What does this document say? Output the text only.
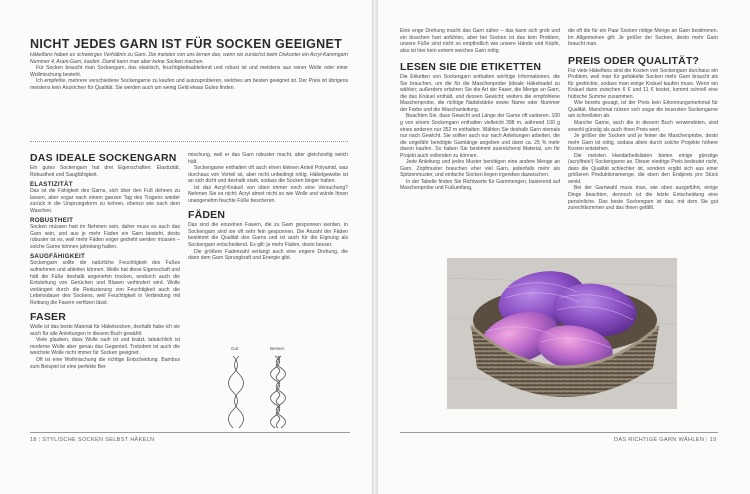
NICHT JEDES GARN IST FÜR SOCKEN GEEIGNET
Häkelfans haben es schwierges Verhältnis zu Garn. Die meisten von uns lernen das, wenn sie zunächst beim Diskonter ein Acryl-Kammgarn Nummer 4, Arani-Garn, kaufen. Damit kann man aber keine Socken machen.
Für Socken braucht man Sockengarn, das elastisch, feuchtigkeitsableitend und robust ist und meistens aus reiner Wolle oder einer Wollmischung besteht.
Ich empfehle, mehrere verschiedene Sockengarne zu kaufen und auszuprobieren, welches am besten geeignet ist. Der Preis ist übrigens meistens kein Anzeichen für Qualität. Sie werden auch um wenig Geld etwas Gutes finden.
DAS IDEALE SOCKENGARN
Ein gutes Sockengarn hat drei Eigenschaften: Elastizität, Robustheit und Saugfähigkeit.
ELASTIZITÄT
Das ist die Fähigkeit des Garns, sich über den Fuß dehnen zu lassen, aber sogar nach einem ganzen Tag des Tragens wieder zurück in die Ursprungsform zu kehren, ebenso wie nach dem Waschen.
ROBUSTHEIT
Socken müssen hart im Nehmen sein, daher muss es auch das Garn sein, und aus je mehr Fäden ein Garn besteht, desto robuster ist es, weil mehr Fäden enger gedreht werden müssen – solche Garne können jahrelang halten.
SAUGFÄHIGKEIT
Sockengarn sollte die natürliche Feuchtigkeit des Fußes aufnehmen und ableiten können. Wolle hat diese Eigenschaft und hält die Füße deshalb angenehm trocken, wodurch auch die Entstehung von Gerüchen und Blasen verhindert wird. Wolle verlängert durch die Reduzierung von Feuchtigkeit auch die Lebensdauer des Sockens, weil Feuchtigkeit in Verbindung mit Reibung die Fasern verfilzen lässt.
FASER
Wolle ist das beste Material für Häkelsocken, deshalb habe ich sie auch für alle Anleitungen in diesem Buch gewählt.
Viele glauben, dass Wolle rauh ist und kratzt, tatsächlich ist moderne Wolle aber genau das Gegenteil. Trotzdem ist auch die weichste Wolle nicht immer für Socken geeignet.
Oft ist eine Wollmischung die richtige Entscheidung. Bambus zum Beispiel ist eine perfekte Bei-
mischung, weil er das Garn robuster macht, aber gleichzeitig weich hält.
Sockengarne enthalten oft auch einen kleinen Anteil Polyamid, was durchaus von Vorteil ist, aber nicht unbedingt nötig. Häkelgewebe ist an sich dicht und deshalb stark, sodass die Socken länger halten.
Ist das Acryl-Knäuel von oben immer noch eine Versuchung? Nehmen Sie es nicht; Acryl atmet nicht so wie Wolle und würde Ihnen unangenehm feuchte Füße bescheren.
FÄDEN
Das sind die einzelnen Fasern, die zu Garn gesponnen werden, in Sockengarn sind sie oft sehr fein gesponnen. Die Anzahl der Fäden bestimmt die Qualität des Garns und ist auch für die Eignung als Sockengarn entscheidend. Es gilt: je mehr Fäden, desto besser.
Die größere Fadenzahl verlangt auch eine engere Drehung, die dann dem Garn Sprungkraft und Energie gibt.
Gut	Besser
18 | STYLISCHE SOCKEN SELBST HÄKELN
Eine enge Drehung macht das Garn zäher – das kann sich grob und ein bisschen hart anfühlen, aber bei Socken ist das kein Problem, unsere Füße sind nicht so empfindlich wie unsere Hände und Köpfe, also ist hier kein extrem weiches Garn nötig.
LESEN SIE DIE ETIKETTEN
Die Etiketten von Sockengarn enthalten wichtige Informationen, die Sie brauchen, um die für die Maschenprobe (ideale Häkelnadel zu wählen; außerdem erfahren Sie die Art der Faser, die Menge an Garn, die das Knäuel enthält, und dessen Gewicht; weiters die empfohlene Maschenprobe, die richtige Nadelstärke sowie Name oder Nummer der Farbe und die Waschanleitung.
Beachten Sie, dass Gewicht und Länge der Garne oft variieren. 100 g von einem Sockengarn enthalten vielleicht 398 m, während 100 g eines anderen nur 352 m enthalten. Wählen Sie deshalb Garn niemals nur nach Gewicht. Sie sollten auch nur nach Anleitungen arbeiten, die die ungefähr benötigte Garnlänge angeben und dann ca. 25 % mehr davon kaufen. So haben Sie bestimmt ausreichend Material, um Ihr Projekt auch vollenden zu können.
Jede Anleitung und jedes Muster benötigen eine andere Menge an Garn. Zopfmuster brauchen eher viel Garn, jedenfalls mehr als Spitzenmuster, und einfache Socken liegen irgendwo dazwischen.
In der Tabelle finden Sie Richtwerte für Garnmengen, basierend auf Maschenprobe und Fußumfang,
die oft die für ein Paar Socken nötige Menge an Garn bestimmen. Im Allgemeinen gilt: Je größer der Socken, desto mehr Garn braucht man.
PREIS ODER QUALITÄT?
Für viele Häkelfans sind die Kosten von Sockengarn durchaus ein Problem, weil man für gehäkelte Socken mehr Garn braucht als für gestrickte, sodass man einige Knäuel kaufen muss. Wenn ein Knäuel dann zwischen 6 € und 11 € kostet, kommt schnell eine hübsche Summe zusammen.
Wie bereits gesagt, ist der Preis kein Erkennungsmerkmal für Qualität. Manchmal nützen sich sogar die teuersten Sockengarne am schnellsten ab.
Manche Garne, auch die in diesem Buch verwendeten, sind sowohl günstig als auch ihren Preis wert.
Je größer der Socken und je feiner die Maschenprobe, desto mehr Garn ist nötig, sodass allein durch solche Projekte höhere Kosten entstehen.
Die meisten Handarbeitsläden bieten einige günstige (acrylfreie!) Sockengarne an. Dieser niedrige Preis bedeutet nicht, dass die Qualität schlechter ist, sondern ergibt sich aus einer größeren Produktionsmenge, die eben den Endpreis pro Stück senkt.
Bei der Garnwahl muss man, wie oben ausgeführt, einige Dinge beachten, dennoch ist die letzte Entscheidung eine persönliche. Das beste Sockengarn ist das, mit dem Sie gut zurechtkommen und das Ihnen gefällt.
DAS RICHTIGE GARN WÄHLEN | 19
